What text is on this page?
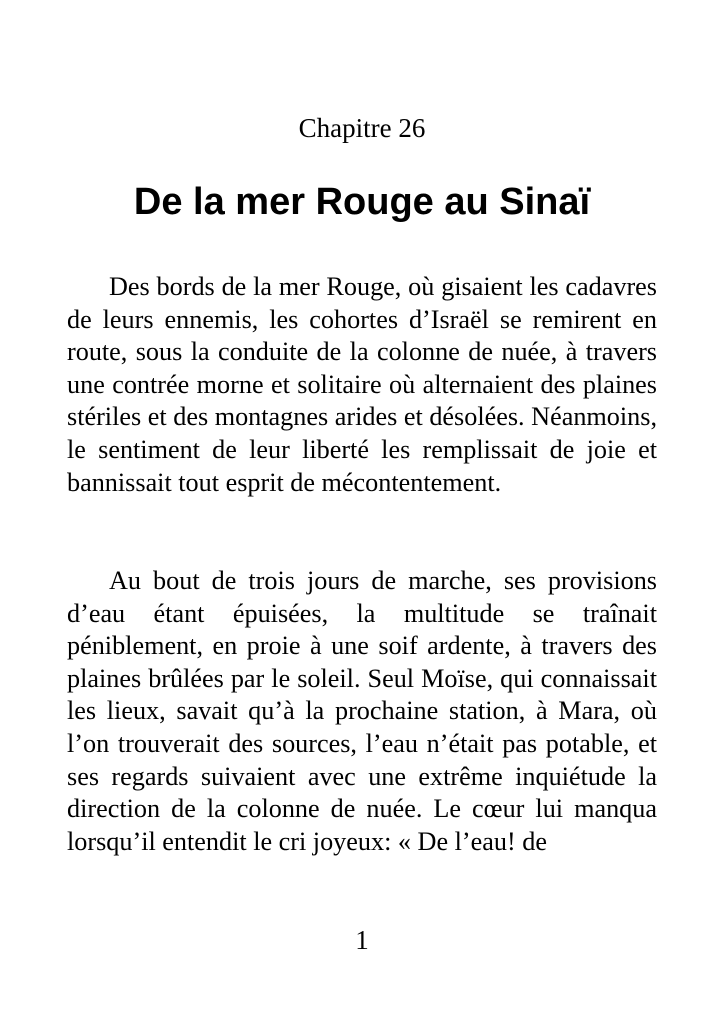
Chapitre 26
De la mer Rouge au Sinaï

Des bords de la mer Rouge, où gisaient les cadavres de leurs ennemis, les cohortes d’Israël se remirent en route, sous la conduite de la colonne de nuée, à travers une contrée morne et solitaire où alternaient des plaines stériles et des montagnes arides et désolées. Néanmoins, le sentiment de leur liberté les remplissait de joie et bannissait tout esprit de mécontentement.

Au bout de trois jours de marche, ses provisions d’eau étant épuisées, la multitude se traînait péniblement, en proie à une soif ardente, à travers des plaines brûlées par le soleil. Seul Moïse, qui connaissait les lieux, savait qu’à la prochaine station, à Mara, où l’on trouverait des sources, l’eau n’était pas potable, et ses regards suivaient avec une extrême inquiétude la direction de la colonne de nuée. Le cœur lui manqua lorsqu’il entendit le cri joyeux: « De l’eau! de

1
